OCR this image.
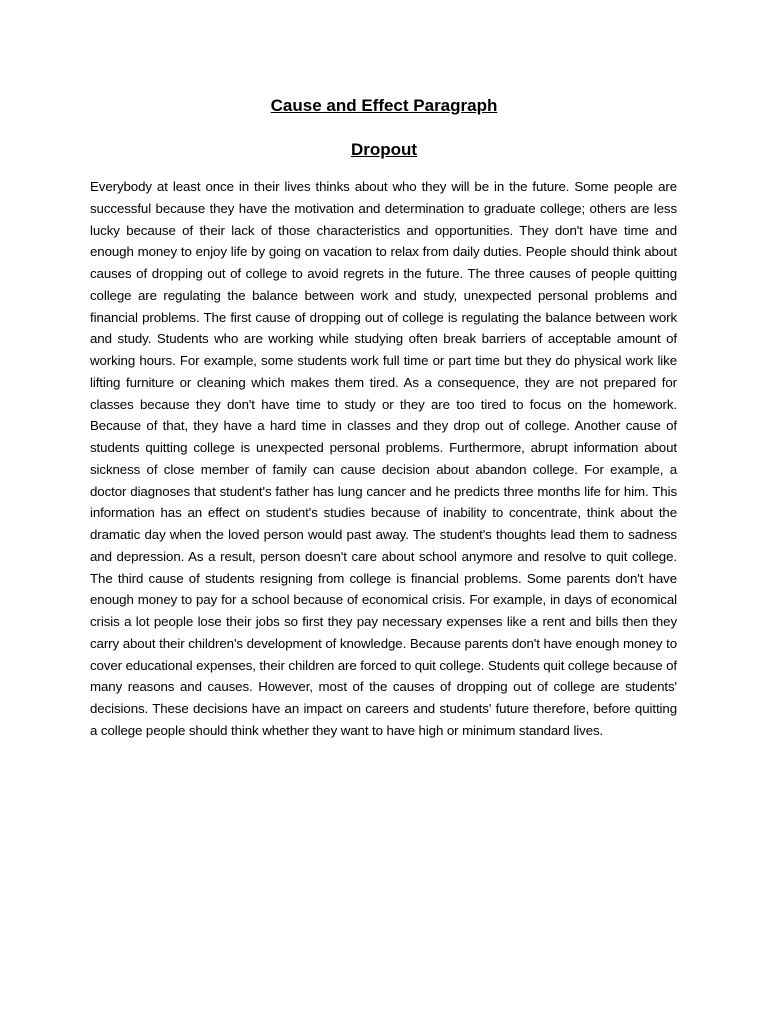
Cause and Effect Paragraph
Dropout

Everybody at least once in their lives thinks about who they will be in the future. Some people are successful because they have the motivation and determination to graduate college; others are less lucky because of their lack of those characteristics and opportunities. They don't have time and enough money to enjoy life by going on vacation to relax from daily duties. People should think about causes of dropping out of college to avoid regrets in the future. The three causes of people quitting college are regulating the balance between work and study, unexpected personal problems and financial problems. The first cause of dropping out of college is regulating the balance between work and study. Students who are working while studying often break barriers of acceptable amount of working hours. For example, some students work full time or part time but they do physical work like lifting furniture or cleaning which makes them tired. As a consequence, they are not prepared for classes because they don't have time to study or they are too tired to focus on the homework. Because of that, they have a hard time in classes and they drop out of college. Another cause of students quitting college is unexpected personal problems. Furthermore, abrupt information about sickness of close member of family can cause decision about abandon college. For example, a doctor diagnoses that student's father has lung cancer and he predicts three months life for him. This information has an effect on student's studies because of inability to concentrate, think about the dramatic day when the loved person would past away. The student's thoughts lead them to sadness and depression. As a result, person doesn't care about school anymore and resolve to quit college. The third cause of students resigning from college is financial problems. Some parents don't have enough money to pay for a school because of economical crisis. For example, in days of economical crisis a lot people lose their jobs so first they pay necessary expenses like a rent and bills then they carry about their children's development of knowledge. Because parents don't have enough money to cover educational expenses, their children are forced to quit college. Students quit college because of many reasons and causes. However, most of the causes of dropping out of college are students' decisions. These decisions have an impact on careers and students' future therefore, before quitting a college people should think whether they want to have high or minimum standard lives.
